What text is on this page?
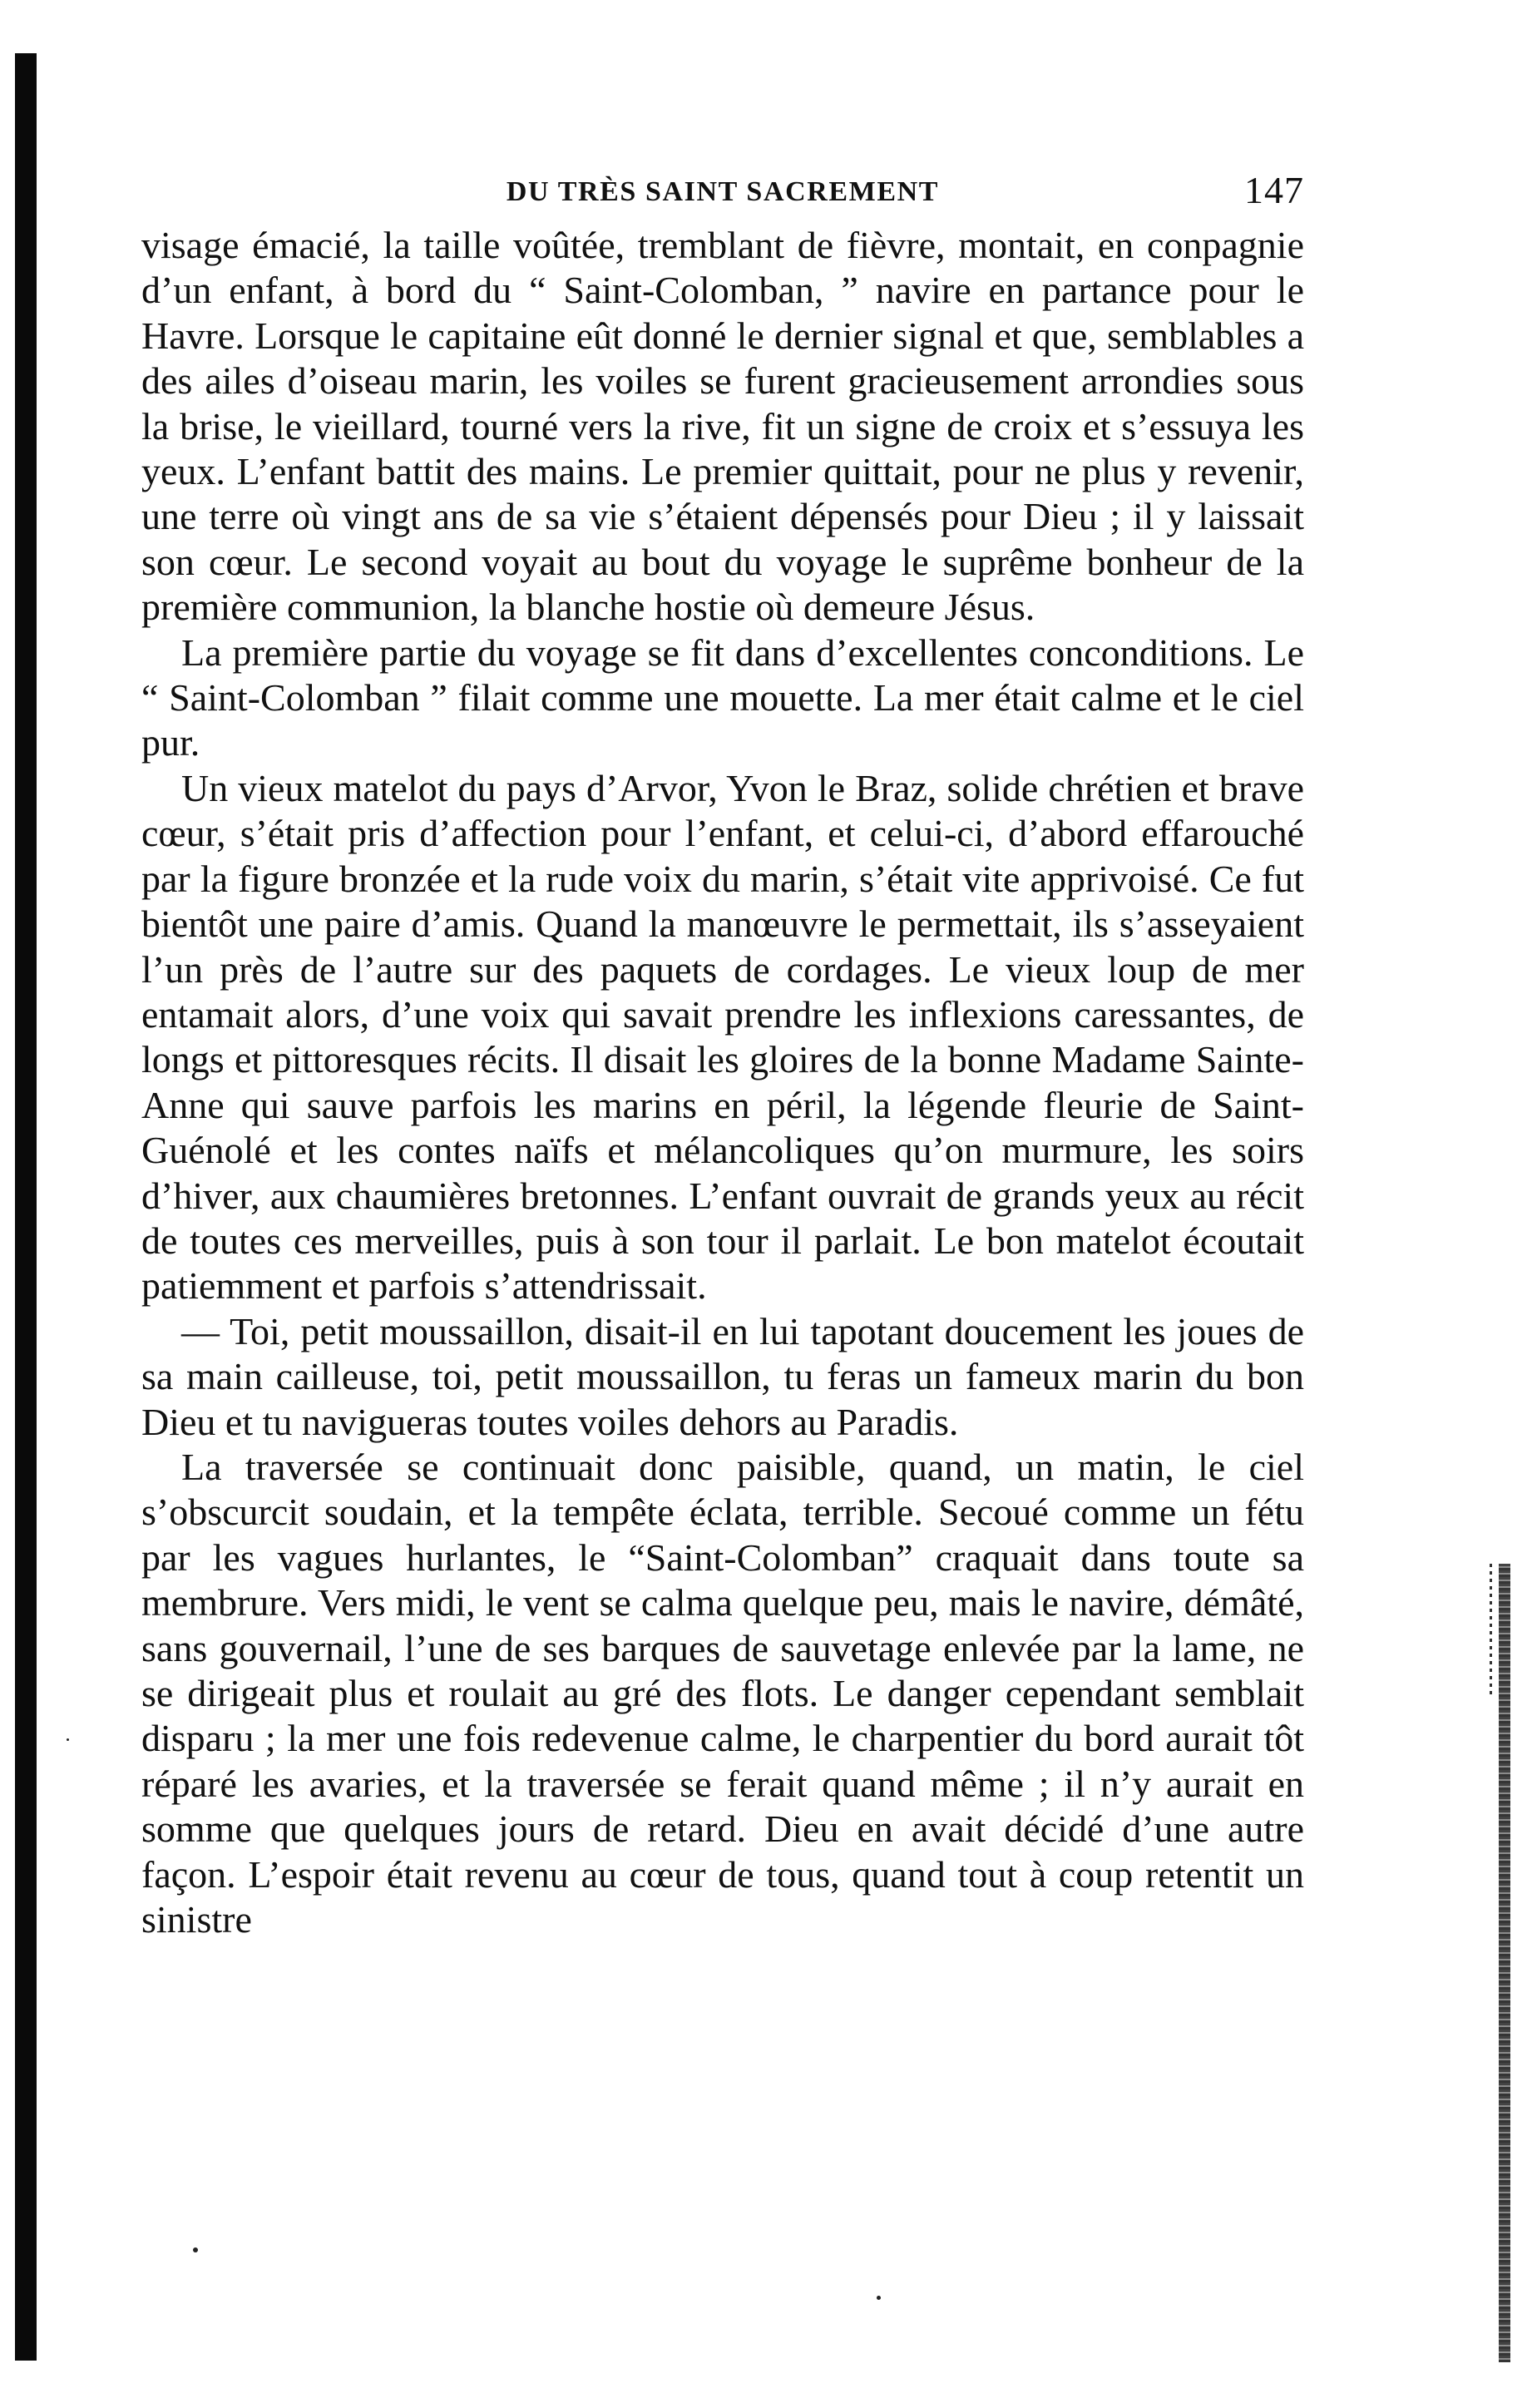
DU TRÈS SAINT SACREMENT	147

visage émacié, la taille voûtée, tremblant de fièvre, montait, en conpagnie d’un enfant, à bord du “ Saint-Colomban, ” navire en partance pour le Havre. Lorsque le capitaine eût donné le dernier signal et que, semblables a des ailes d’oiseau marin, les voiles se furent gracieusement arrondies sous la brise, le vieillard, tourné vers la rive, fit un signe de croix et s’essuya les yeux. L’enfant battit des mains. Le premier quittait, pour ne plus y revenir, une terre où vingt ans de sa vie s’étaient dépensés pour Dieu ; il y laissait son cœur. Le second voyait au bout du voyage le suprême bonheur de la première communion, la blanche hostie où demeure Jésus.

La première partie du voyage se fit dans d’excellentes conconditions. Le “ Saint-Colomban ” filait comme une mouette. La mer était calme et le ciel pur.

Un vieux matelot du pays d’Arvor, Yvon le Braz, solide chrétien et brave cœur, s’était pris d’affection pour l’enfant, et celui-ci, d’abord effarouché par la figure bronzée et la rude voix du marin, s’était vite apprivoisé. Ce fut bientôt une paire d’amis. Quand la manœuvre le permettait, ils s’asseyaient l’un près de l’autre sur des paquets de cordages. Le vieux loup de mer entamait alors, d’une voix qui savait prendre les inflexions caressantes, de longs et pittoresques récits. Il disait les gloires de la bonne Madame Sainte-Anne qui sauve parfois les marins en péril, la légende fleurie de Saint-Guénolé et les contes naïfs et mélancoliques qu’on murmure, les soirs d’hiver, aux chaumières bretonnes. L’enfant ouvrait de grands yeux au récit de toutes ces merveilles, puis à son tour il parlait. Le bon matelot écoutait patiemment et parfois s’attendrissait.

— Toi, petit moussaillon, disait-il en lui tapotant doucement les joues de sa main cailleuse, toi, petit moussaillon, tu feras un fameux marin du bon Dieu et tu navigueras toutes voiles dehors au Paradis.

La traversée se continuait donc paisible, quand, un matin, le ciel s’obscurcit soudain, et la tempête éclata, terrible. Secoué comme un fétu par les vagues hurlantes, le “Saint-Colomban” craquait dans toute sa membrure. Vers midi, le vent se calma quelque peu, mais le navire, démâté, sans gouvernail, l’une de ses barques de sauvetage enlevée par la lame, ne se dirigeait plus et roulait au gré des flots. Le danger cependant semblait disparu ; la mer une fois redevenue calme, le charpentier du bord aurait tôt réparé les avaries, et la traversée se ferait quand même ; il n’y aurait en somme que quelques jours de retard. Dieu en avait décidé d’une autre façon. L’espoir était revenu au cœur de tous, quand tout à coup retentit un sinistre
